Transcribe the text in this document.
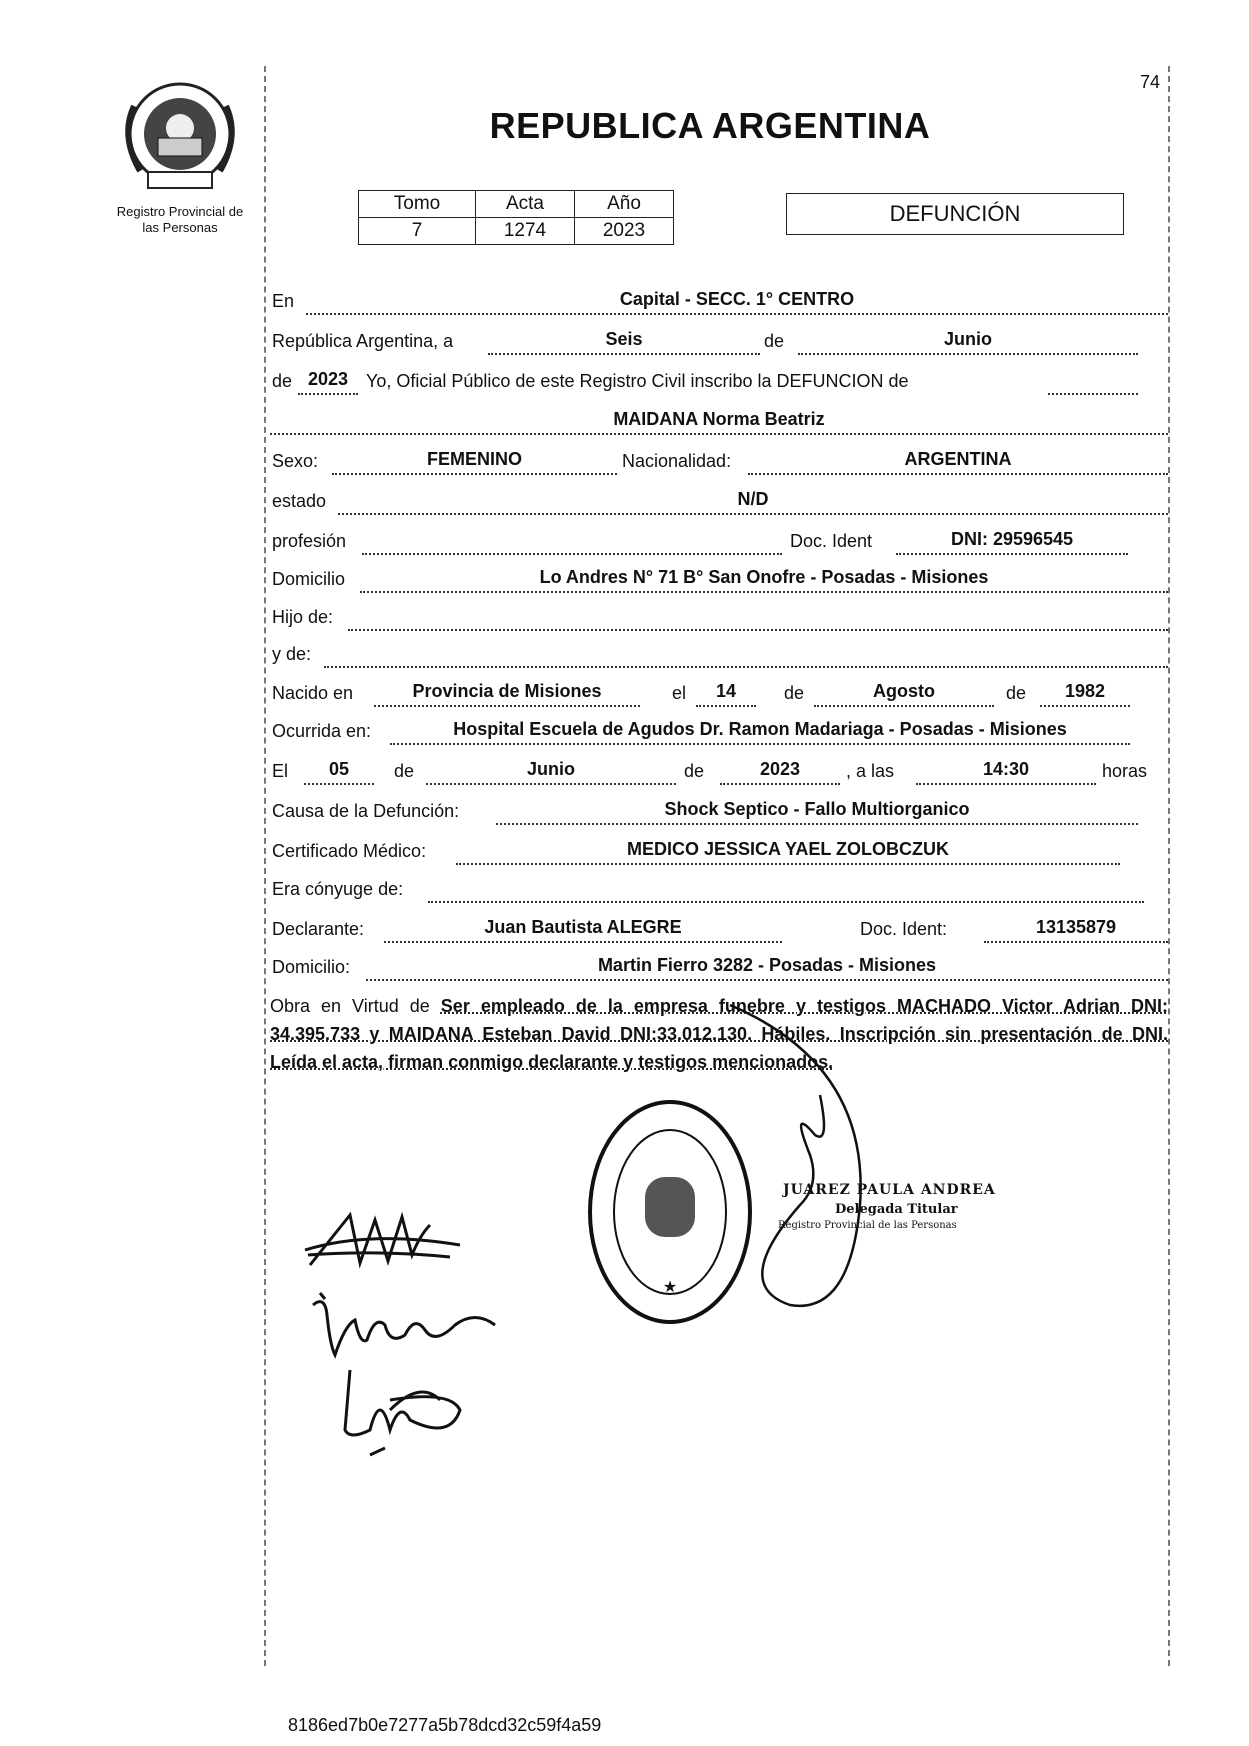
74
Registro Provincial de
las Personas
REPUBLICA ARGENTINA
Tomo	Acta	Año
7	1274	2023
DEFUNCIÓN
En	Capital - SECC. 1° CENTRO
República Argentina, a	Seis	de	Junio
de 2023 Yo, Oficial Público de este Registro Civil inscribo la DEFUNCION de
MAIDANA Norma Beatriz
Sexo:	FEMENINO	Nacionalidad:	ARGENTINA
estado	N/D
profesión	Doc. Ident	DNI: 29596545
Domicilio	Lo Andres N° 71 B° San Onofre - Posadas - Misiones
Hijo de:
y de:
Nacido en	Provincia de Misiones	el	14	de	Agosto	de	1982
Ocurrida en:	Hospital Escuela de Agudos Dr. Ramon Madariaga - Posadas - Misiones
El	05	de	Junio	de	2023	, a las	14:30	horas
Causa de la Defunción:	Shock Septico - Fallo Multiorganico
Certificado Médico:	MEDICO JESSICA YAEL ZOLOBCZUK
Era cónyuge de:
Declarante:	Juan Bautista ALEGRE	Doc. Ident:	13135879
Domicilio:	Martin Fierro 3282 - Posadas - Misiones
Obra en Virtud de Ser empleado de la empresa funebre y testigos MACHADO Victor Adrian DNI: 34.395.733 y MAIDANA Esteban David DNI:33.012.130. Hábiles. Inscripción sin presentación de DNI. Leída el acta, firman conmigo declarante y testigos mencionados.
★
JUAREZ PAULA ANDREA
Delegada Titular
Registro Provincial de las Personas
8186ed7b0e7277a5b78dcd32c59f4a59
